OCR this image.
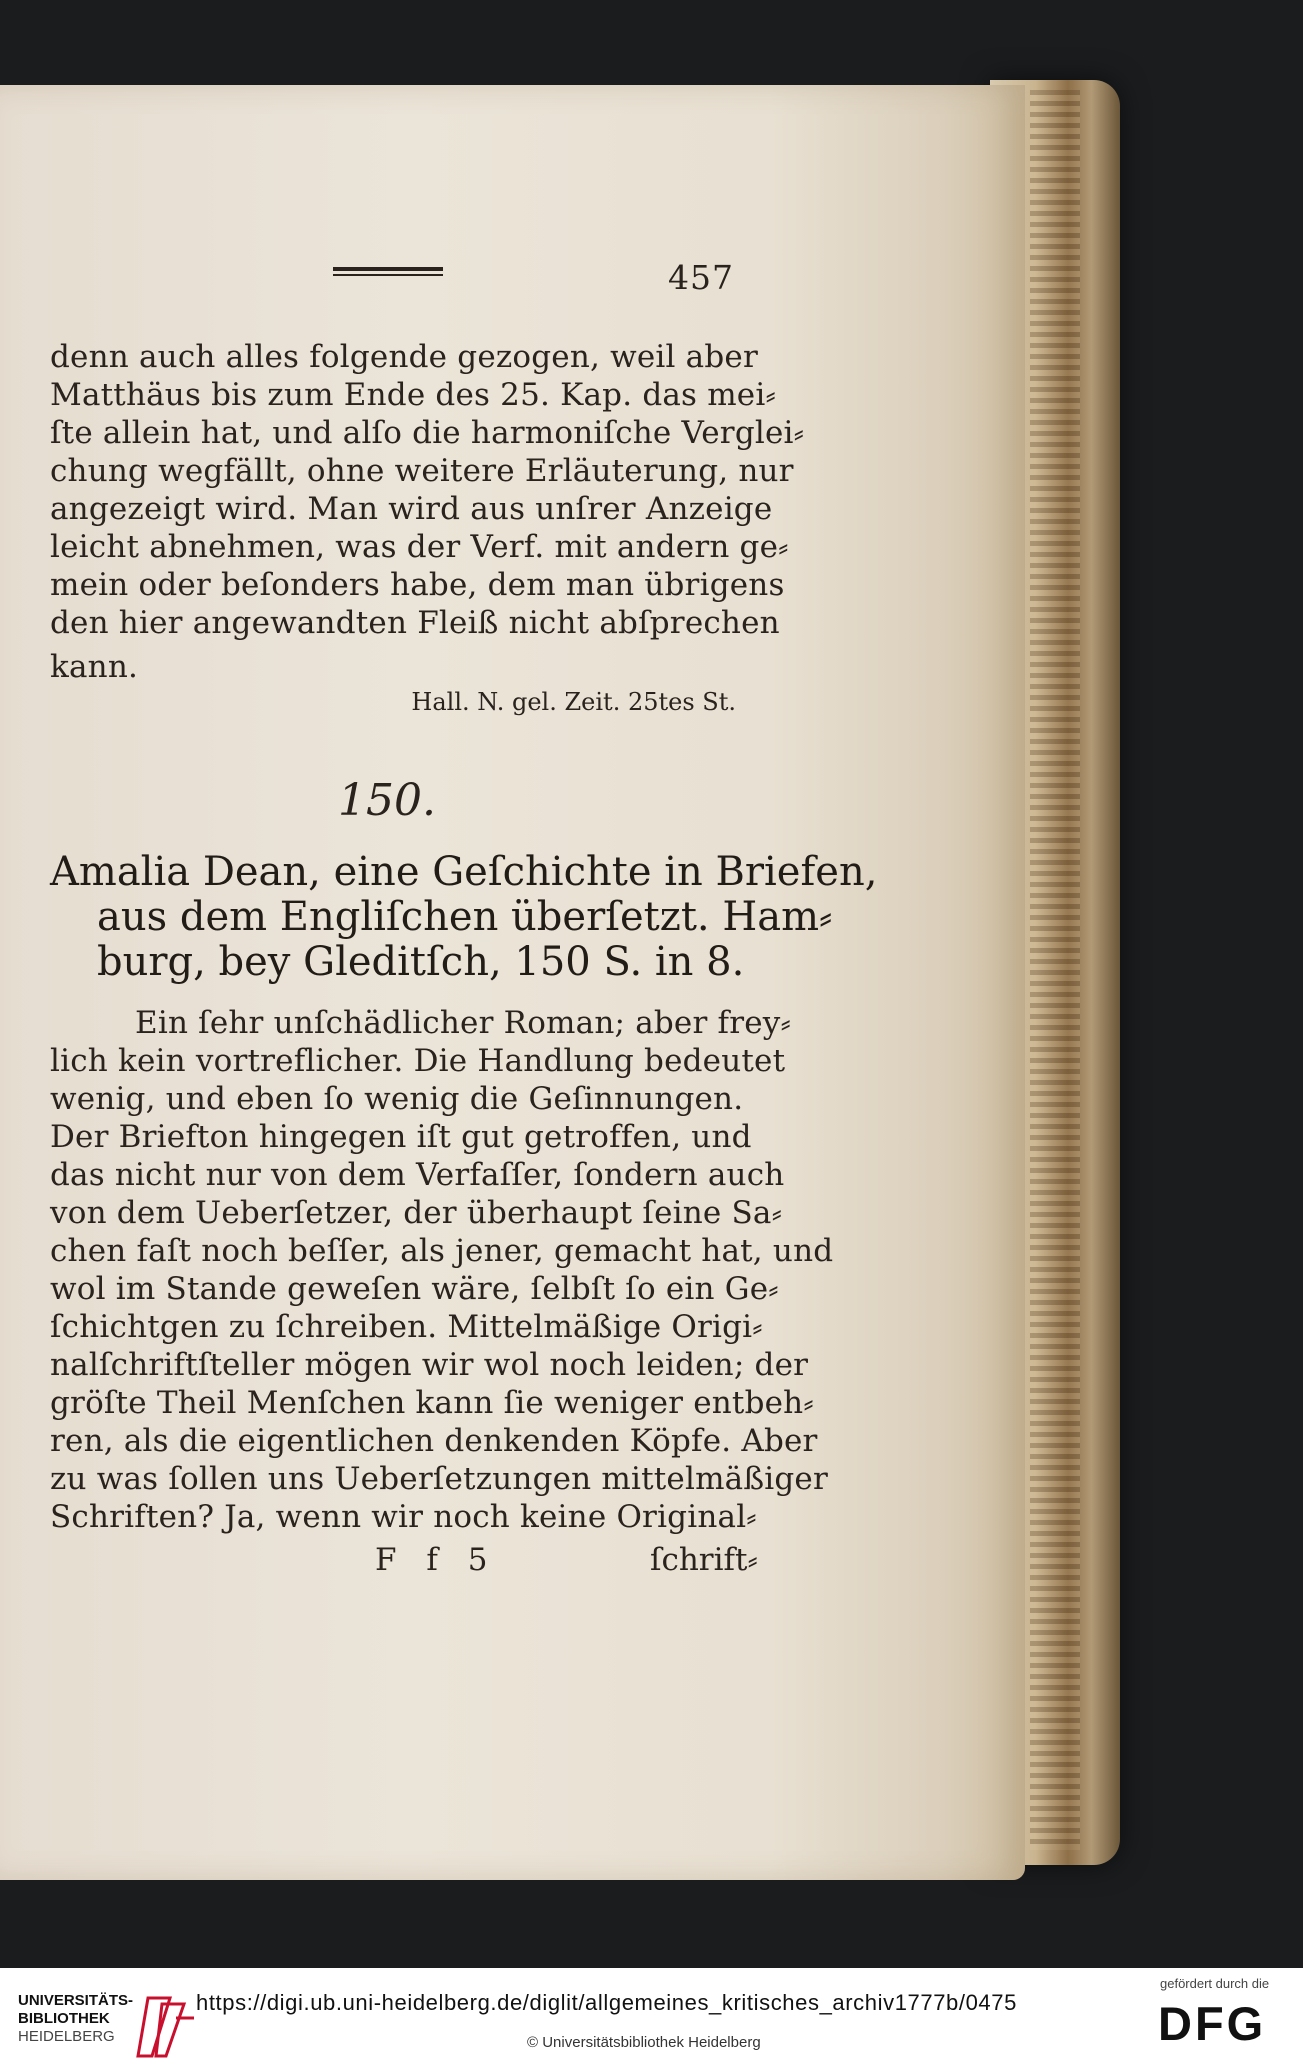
457
denn auch alles folgende gezogen, weil aber
Matthäus bis zum Ende des 25. Kap. das mei⸗
ſte allein hat, und alſo die harmoniſche Verglei⸗
chung wegfällt, ohne weitere Erläuterung, nur
angezeigt wird. Man wird aus unſrer Anzeige
leicht abnehmen, was der Verf. mit andern ge⸗
mein oder beſonders habe, dem man übrigens
den hier angewandten Fleiß nicht abſprechen
kann.
Hall. N. gel. Zeit. 25tes St.
150.
Amalia Dean, eine Geſchichte in Briefen,
aus dem Engliſchen überſetzt. Ham⸗
burg, bey Gleditſch, 150 S. in 8.
Ein ſehr unſchädlicher Roman; aber frey⸗
lich kein vortreflicher. Die Handlung bedeutet
wenig, und eben ſo wenig die Geſinnungen.
Der Briefton hingegen iſt gut getroffen, und
das nicht nur von dem Verfaſſer, ſondern auch
von dem Ueberſetzer, der überhaupt ſeine Sa⸗
chen faſt noch beſſer, als jener, gemacht hat, und
wol im Stande geweſen wäre, ſelbſt ſo ein Ge⸗
ſchichtgen zu ſchreiben. Mittelmäßige Origi⸗
nalſchriftſteller mögen wir wol noch leiden; der
gröſte Theil Menſchen kann ſie weniger entbeh⸗
ren, als die eigentlichen denkenden Köpfe. Aber
zu was ſollen uns Ueberſetzungen mittelmäßiger
Schriften? Ja, wenn wir noch keine Original⸗
F f 5	ſchrift⸗
UNIVERSITÄTS-
BIBLIOTHEK
HEIDELBERG
https://digi.ub.uni-heidelberg.de/diglit/allgemeines_kritisches_archiv1777b/0475
© Universitätsbibliothek Heidelberg
gefördert durch die
DFG
